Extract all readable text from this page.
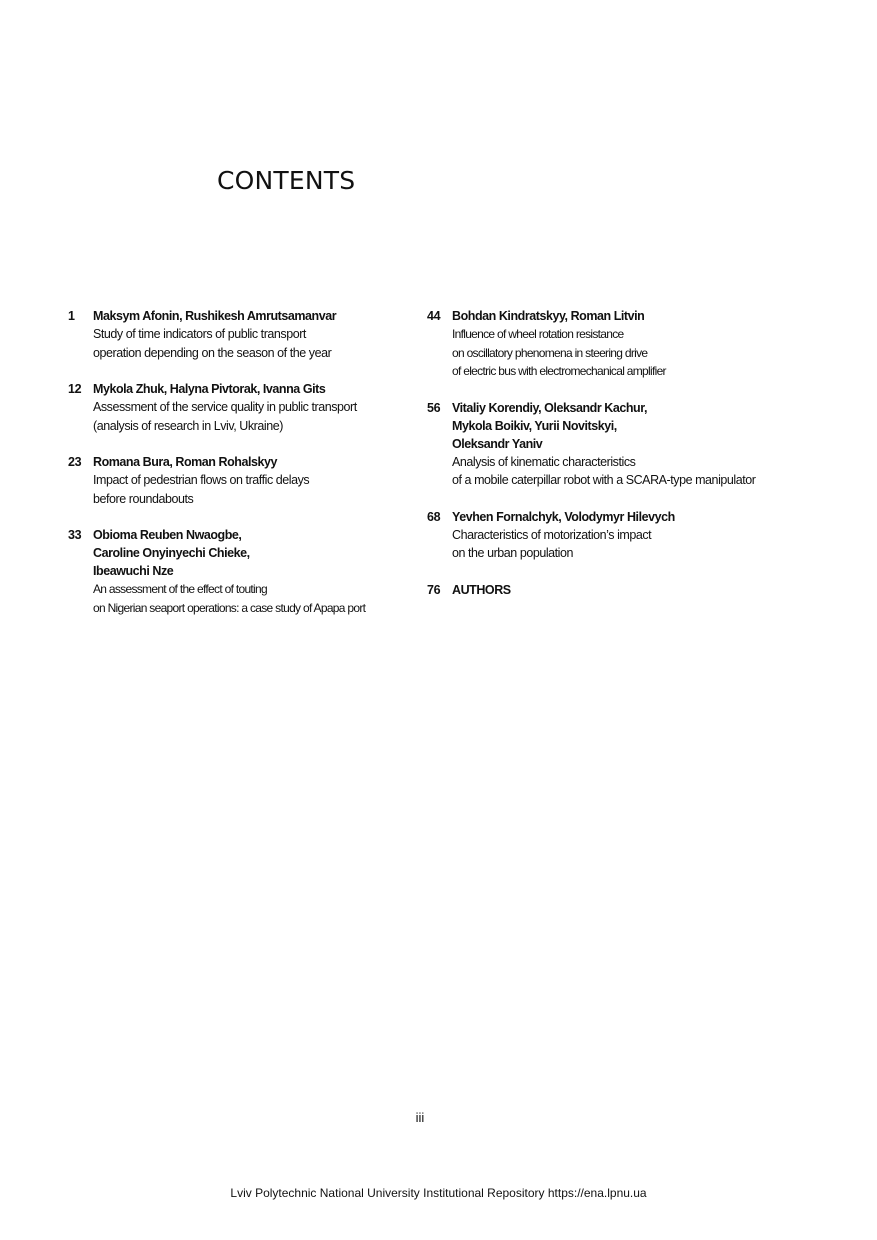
CONTENTS
1	Maksym Afonin, Rushikesh Amrutsamanvar
Study of time indicators of public transport
operation depending on the season of the year
12 Mykola Zhuk, Halyna Pivtorak, Ivanna Gits
Assessment of the service quality in public transport
(analysis of research in Lviv, Ukraine)
23 Romana Bura, Roman Rohalskyy
Impact of pedestrian flows on traffic delays
before roundabouts
33 Obioma Reuben Nwaogbe,
Caroline Onyinyechi Chieke,
Ibeawuchi Nze
An assessment of the effect of touting
on Nigerian seaport operations: a case study of Apapa port
44 Bohdan Kindratskyy, Roman Litvin
Influence of wheel rotation resistance
on oscillatory phenomena in steering drive
of electric bus with electromechanical amplifier
56 Vitaliy Korendiy, Oleksandr Kachur,
Mykola Boikiv, Yurii Novitskyi,
Oleksandr Yaniv
Analysis of kinematic characteristics
of a mobile caterpillar robot with a SCARA-type manipulator
68 Yevhen Fornalchyk, Volodymyr Hilevych
Characteristics of motorization’s impact
on the urban population
76 AUTHORS
iii
Lviv Polytechnic National University Institutional Repository https://ena.lpnu.ua
